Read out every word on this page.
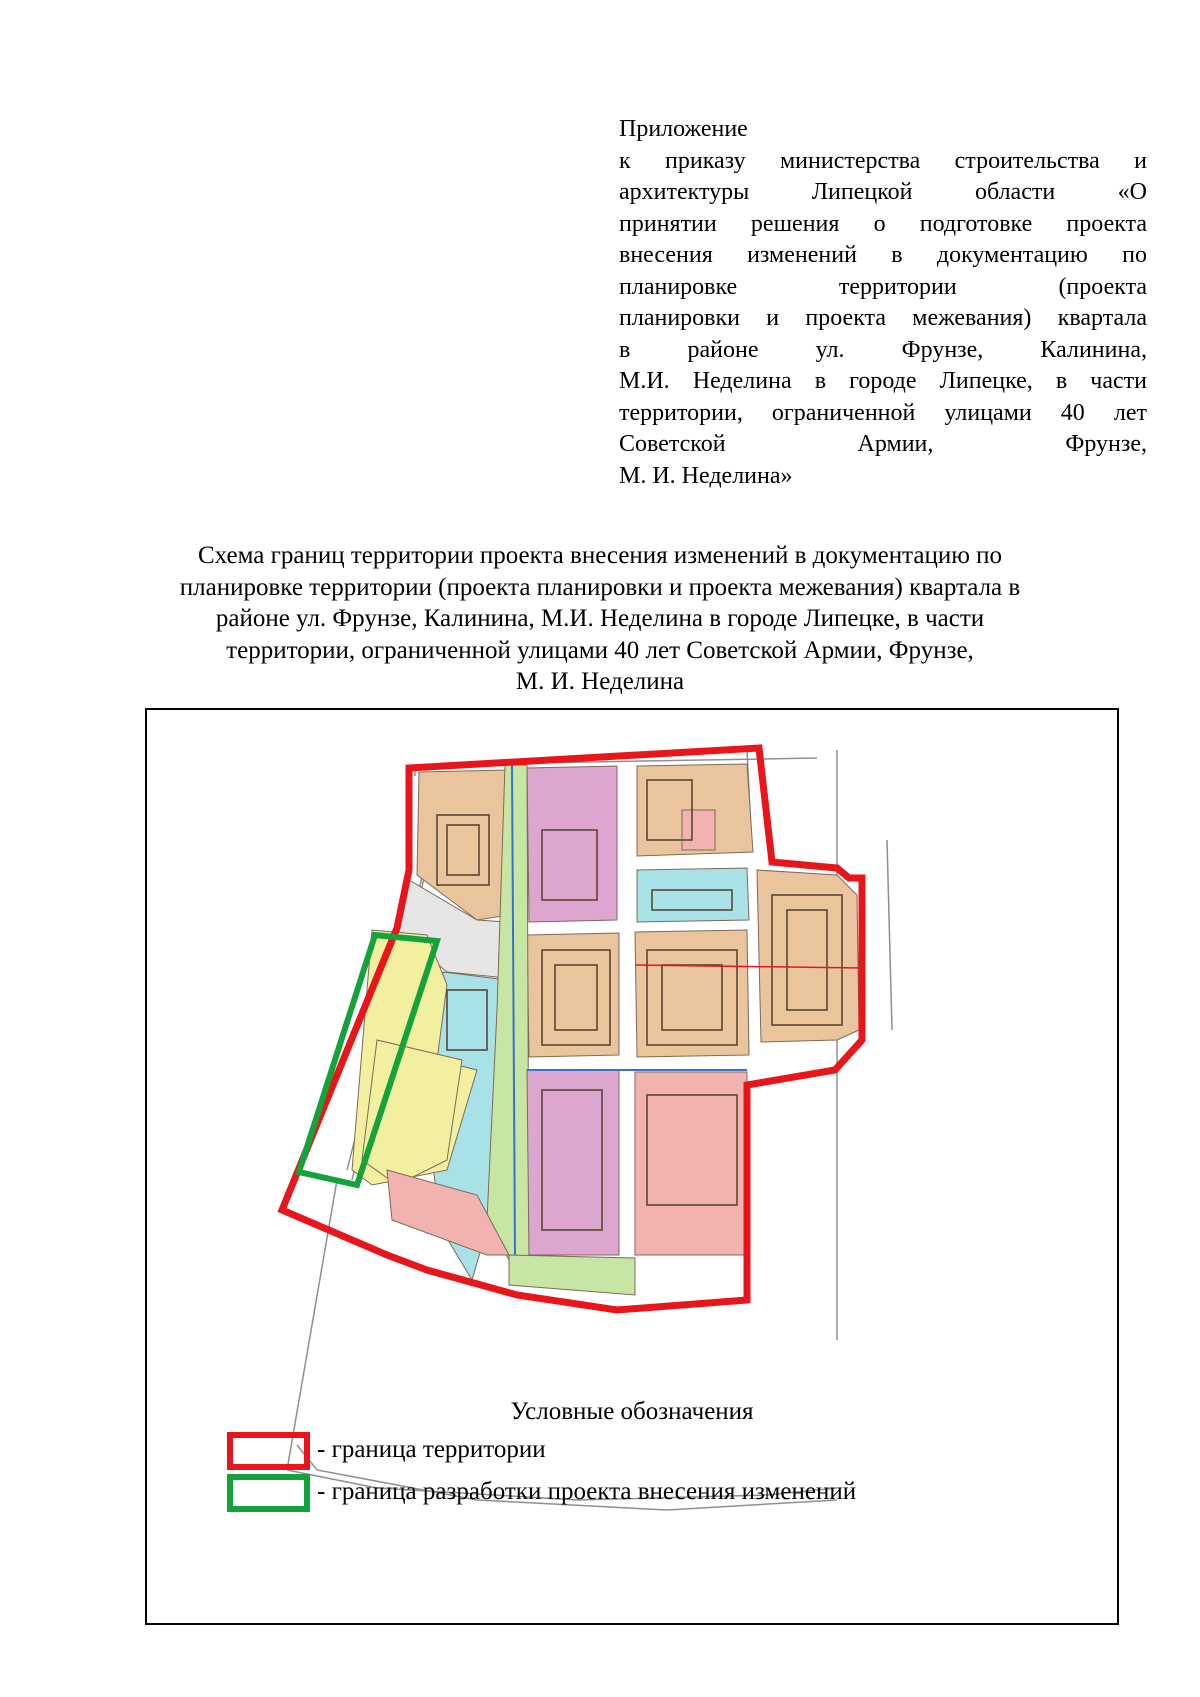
Приложение
к приказу министерства строительства и
архитектуры Липецкой области «О
принятии решения о подготовке проекта
внесения изменений в документацию по
планировке территории (проекта
планировки и проекта межевания) квартала
в районе ул. Фрунзе, Калинина,
М.И. Неделина в городе Липецке, в части
территории, ограниченной улицами 40 лет
Советской Армии, Фрунзе,
М. И. Неделина»
Схема границ территории проекта внесения изменений в документацию по
планировке территории (проекта планировки и проекта межевания) квартала в
районе ул. Фрунзе, Калинина, М.И. Неделина в городе Липецке, в части
территории, ограниченной улицами 40 лет Советской Армии, Фрунзе,
М. И. Неделина
Условные обозначения
- граница территории
- граница разработки проекта внесения изменений
